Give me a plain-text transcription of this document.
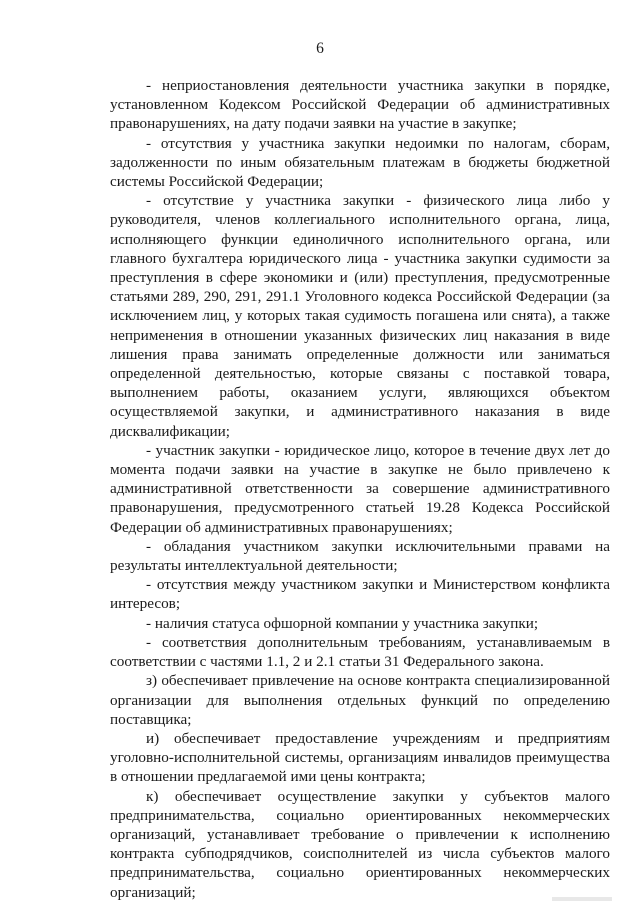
6

- неприостановления деятельности участника закупки в порядке, установленном Кодексом Российской Федерации об административных правонарушениях, на дату подачи заявки на участие в закупке;

- отсутствия у участника закупки недоимки по налогам, сборам, задолженности по иным обязательным платежам в бюджеты бюджетной системы Российской Федерации;

- отсутствие у участника закупки - физического лица либо у руководителя, членов коллегиального исполнительного органа, лица, исполняющего функции единоличного исполнительного органа, или главного бухгалтера юридического лица - участника закупки судимости за преступления в сфере экономики и (или) преступления, предусмотренные статьями 289, 290, 291, 291.1 Уголовного кодекса Российской Федерации (за исключением лиц, у которых такая судимость погашена или снята), а также неприменения в отношении указанных физических лиц наказания в виде лишения права занимать определенные должности или заниматься определенной деятельностью, которые связаны с поставкой товара, выполнением работы, оказанием услуги, являющихся объектом осуществляемой закупки, и административного наказания в виде дисквалификации;

- участник закупки - юридическое лицо, которое в течение двух лет до момента подачи заявки на участие в закупке не было привлечено к административной ответственности за совершение административного правонарушения, предусмотренного статьей 19.28 Кодекса Российской Федерации об административных правонарушениях;

- обладания участником закупки исключительными правами на результаты интеллектуальной деятельности;

- отсутствия между участником закупки и Министерством конфликта интересов;

- наличия статуса офшорной компании у участника закупки;

- соответствия дополнительным требованиям, устанавливаемым в соответствии с частями 1.1, 2 и 2.1 статьи 31 Федерального закона.

з) обеспечивает привлечение на основе контракта специализированной организации для выполнения отдельных функций по определению поставщика;

и) обеспечивает предоставление учреждениям и предприятиям уголовно-исполнительной системы, организациям инвалидов преимущества в отношении предлагаемой ими цены контракта;

к) обеспечивает осуществление закупки у субъектов малого предпринимательства, социально ориентированных некоммерческих организаций, устанавливает требование о привлечении к исполнению контракта субподрядчиков, соисполнителей из числа субъектов малого предпринимательства, социально ориентированных некоммерческих организаций;
